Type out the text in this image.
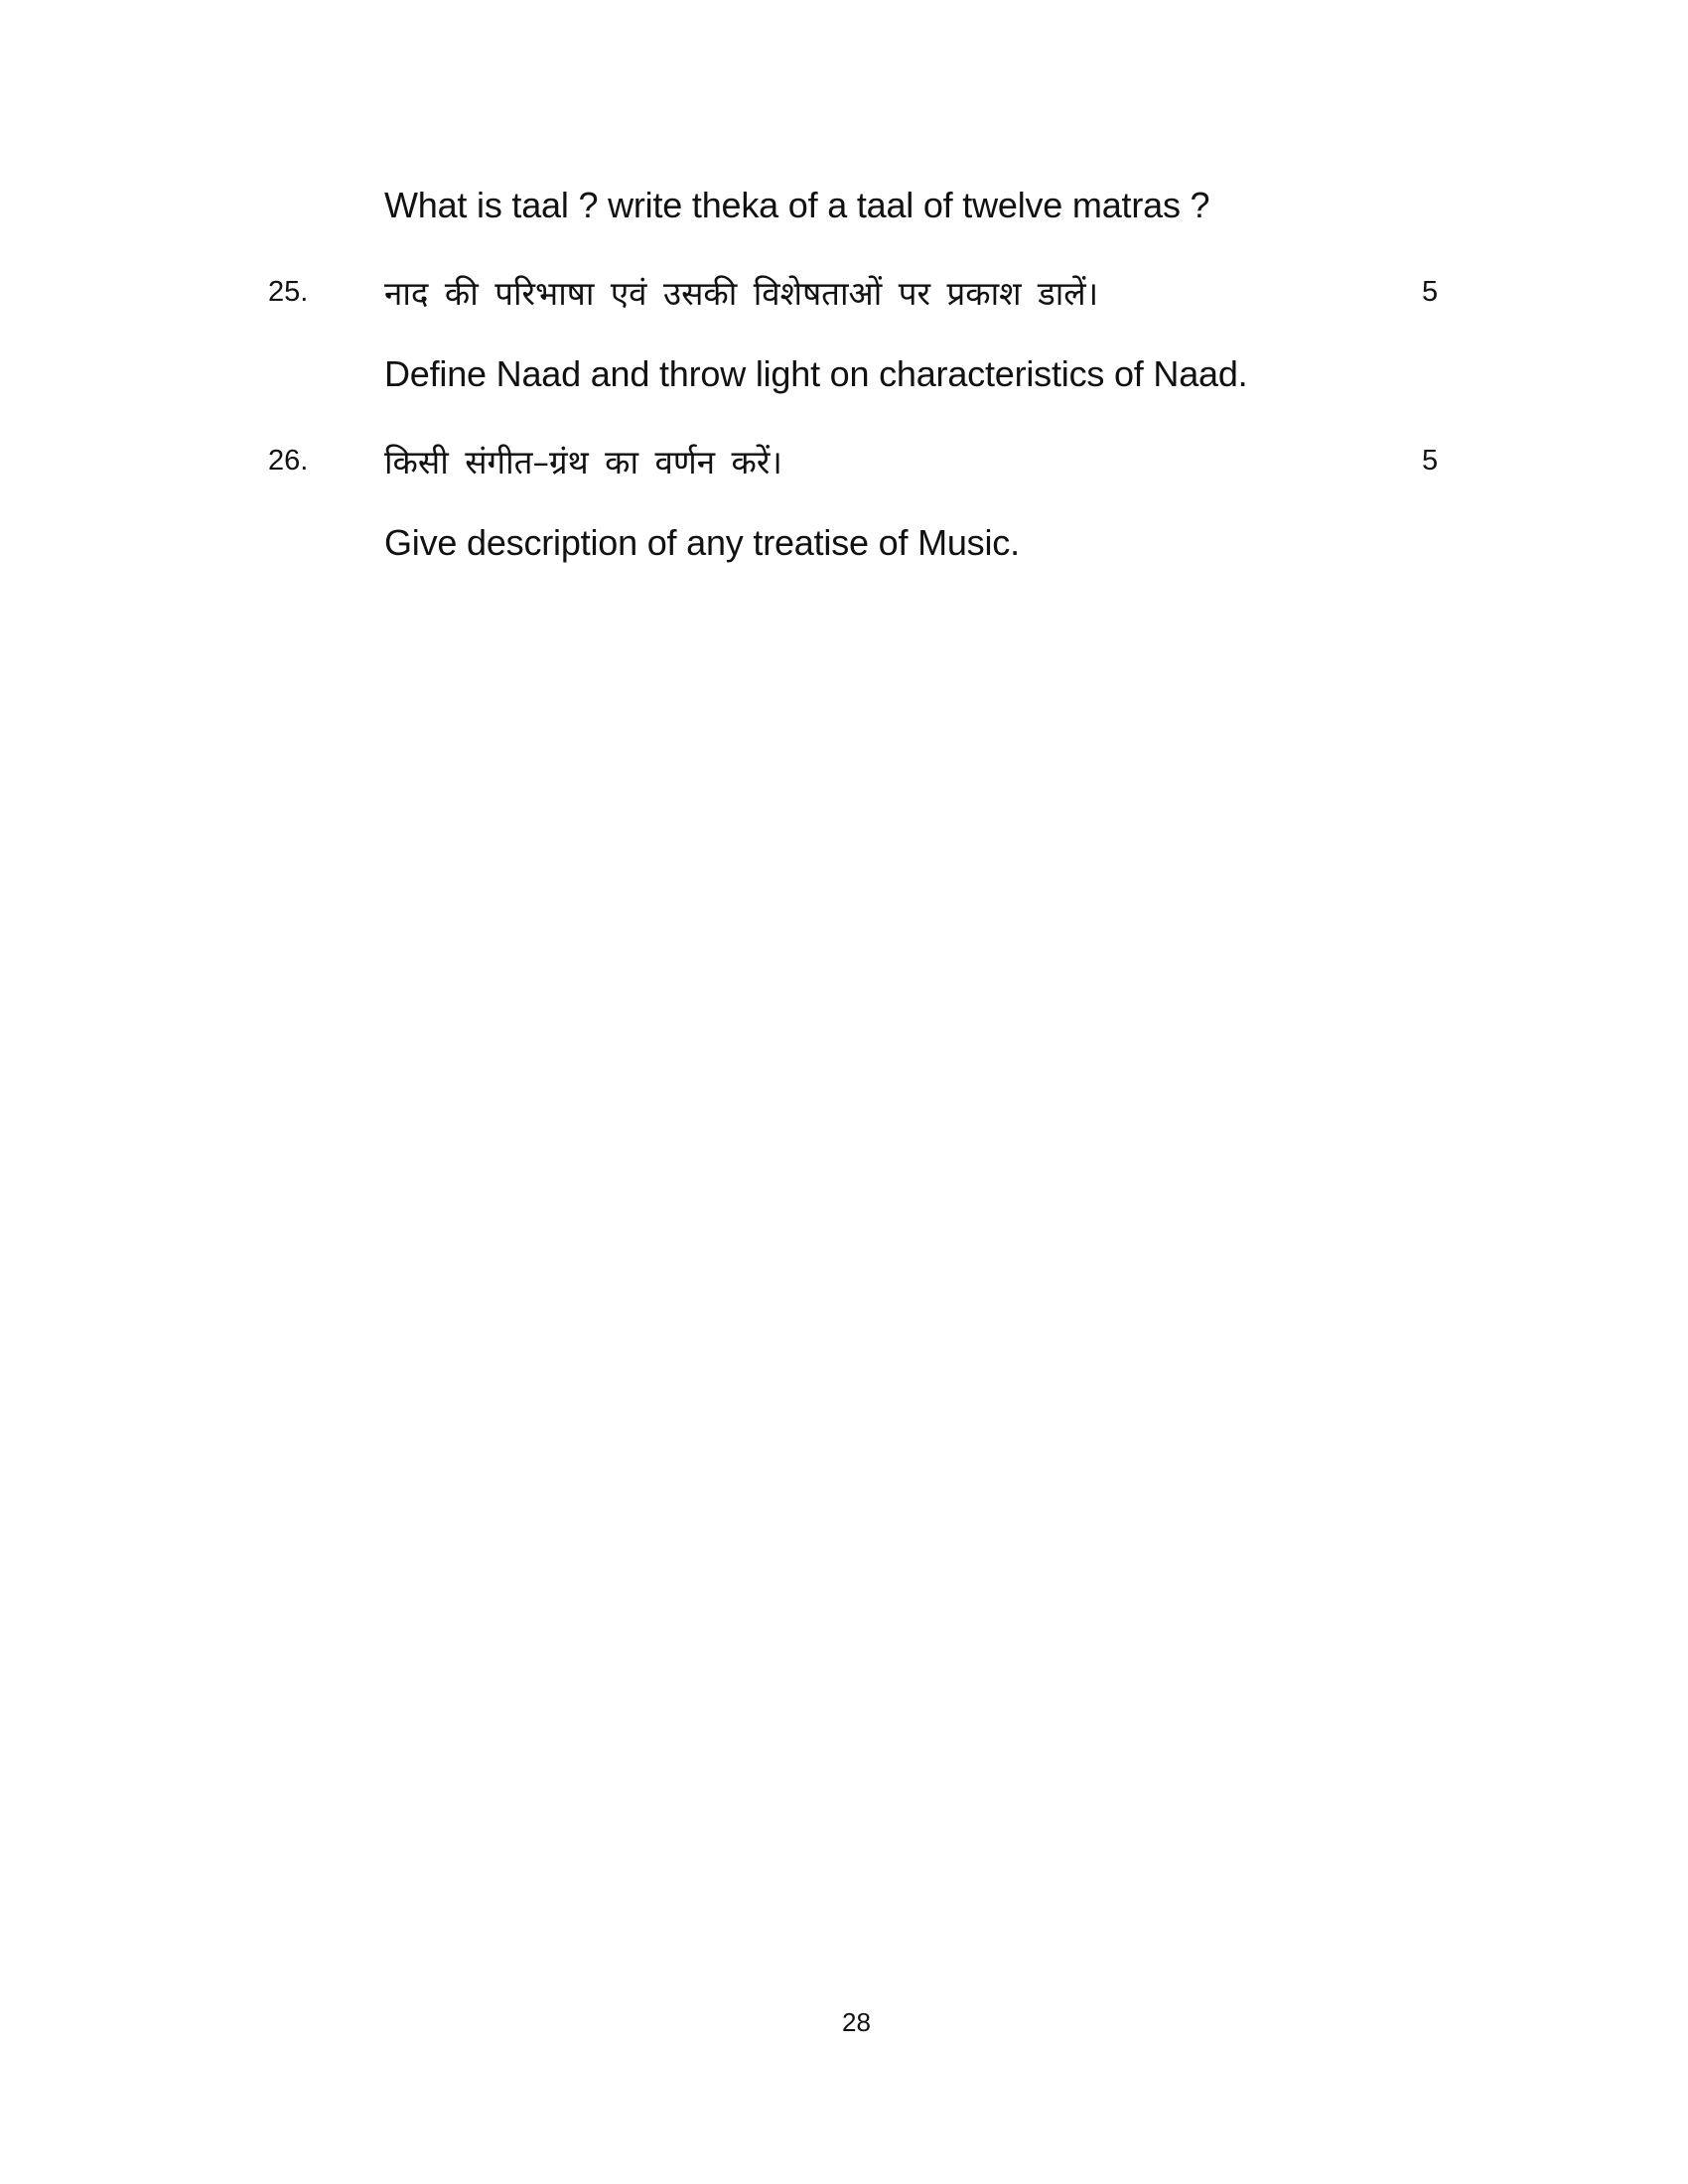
What is taal ? write theka of a taal of twelve matras ?
25. नाद की परिभाषा एवं उसकी विशेषताओं पर प्रकाश डालें।	5
Define Naad and throw light on characteristics of Naad.
26. किसी संगीत–ग्रंथ का वर्णन करें।	5
Give description of any treatise of Music.
28
